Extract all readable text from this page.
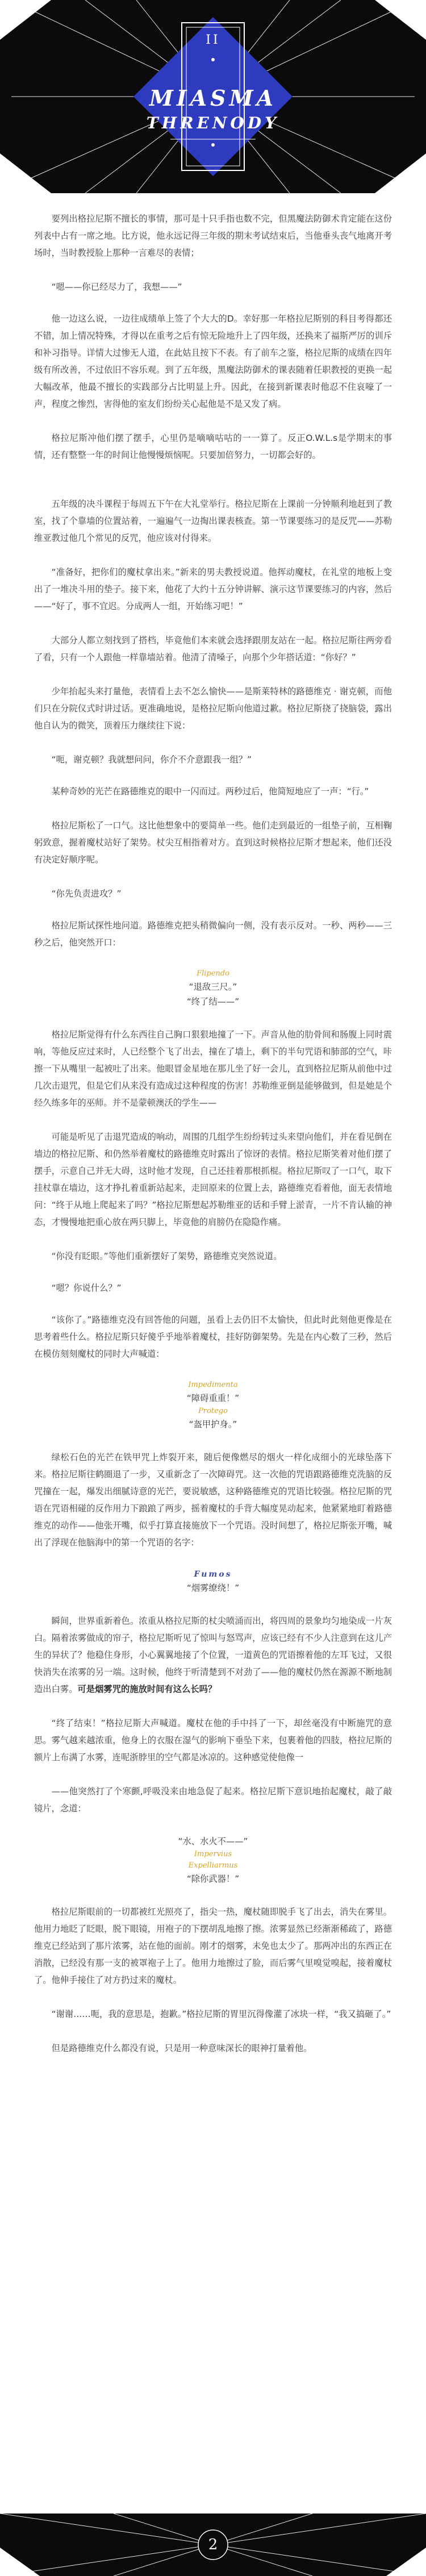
II
MIASMA
THRENODY

要列出格拉尼斯不擅长的事情，那可是十只手指也数不完，但黑魔法防御术肯定能在这份列表中占有一席之地。比方说，他永远记得三年级的期末考试结束后，当他垂头丧气地离开考场时，当时教授脸上那种一言难尽的表情；

“嗯——你已经尽力了，我想——”

他一边这么说，一边往成绩单上签了个大大的D。幸好那一年格拉尼斯别的科目考得都还不错，加上情况特殊，才得以在重考之后有惊无险地升上了四年级，还换来了福斯严厉的训斥和补习指导。详情大过惨无人道，在此姑且按下不表。有了前车之鉴，格拉尼斯的成绩在四年级有所改善，不过依旧不容乐观。到了五年级，黑魔法防御术的课表随着任职教授的更换一起大幅改革，他最不擅长的实践部分占比明显上升。因此，在接到新课表时他忍不住哀嚎了一声，程度之惨烈，害得他的室友们纷纷关心起他是不是又发了病。

格拉尼斯冲他们摆了摆手，心里仍是嘀嘀咕咕的一一算了。反正O.W.L.s是学期末的事情，还有整整一年的时间让他慢慢烦恼呢。只要加倍努力，一切都会好的。

五年级的决斗课程于每周五下午在大礼堂举行。格拉尼斯在上课前一分钟顺利地赶到了教室，找了个靠墙的位置站着，一遍遍气一边掏出课表核查。第一节课要练习的是反咒——苏勒维亚教过他几个常见的反咒，他应该对付得来。

“准备好，把你们的魔杖拿出来。”新来的男夫教授说道。他挥动魔杖，在礼堂的地板上变出了一堆决斗用的垫子。接下来，他花了大约十五分钟讲解、演示这节课要练习的内容，然后——“好了，事不宜迟。分成两人一组，开始练习吧！”

大部分人都立刻找到了搭档，毕竟他们本来就会选择跟朋友站在一起。格拉尼斯往两旁看了看，只有一个人跟他一样靠墙站着。他清了清嗓子，向那个少年搭话道：“你好？”

少年抬起头来打量他，表情看上去不怎么愉快——是斯莱特林的路德维克 · 谢克顿，而他们只在分院仪式时讲过话。更准确地说，是格拉尼斯向他道过歉。格拉尼斯挠了挠脑袋，露出他自认为的微笑，顶着压力继续往下说：

“呃，谢克顿？我就想问问，你介不介意跟我一组？”

某种奇妙的光芒在路德维克的眼中一闪而过。两秒过后，他简短地应了一声：“行。”

格拉尼斯松了一口气。这比他想象中的要简单一些。他们走到最近的一组垫子前，互相鞠躬致意，握着魔杖站好了架势。杖尖互相指着对方。直到这时候格拉尼斯才想起来，他们还没有决定好顺序呢。

“你先负责进攻？”

格拉尼斯试探性地问道。路德维克把头稍微偏向一侧，没有表示反对。一秒、两秒——三秒之后，他突然开口：

Flipendo
“退敌三尺。”
“终了结——”

格拉尼斯觉得有什么东西往自己胸口狠狠地撞了一下。声音从他的肋骨间和肠腹上同时震响，等他反应过来时，人已经整个飞了出去，撞在了墙上，剩下的半句咒语和肺部的空气，咔擦一下从嘴里一起被吐了出来。他眼冒金星地在那儿坐了好一会儿，直到格拉尼斯从前他中过几次击退咒，但是它们从来没有造成过这种程度的伤害！苏勒维亚倒是能够做到，但是她是个经久练多年的巫师。并不是蒙顿澳沃的学生——

可能是听见了击退咒造成的响动，周围的几组学生纷纷转过头来望向他们，并在看见倒在墙边的格拉尼斯、和仍然举着魔杖的路德维克时露出了惊讶的表情。格拉尼斯笑着对他们摆了摆手，示意自己并无大碍，这时他才发现，自己还挂着那根抓棍。格拉尼斯叹了一口气，取下挂杖靠在墙边，这才挣扎着重新站起来，走回原来的位置上去，路德维克看着他，面无表情地问：“终于从地上爬起来了吗？”格拉尼斯想起苏勒维亚的话和手臂上淤青，一片不肯认输的神态，才慢慢地把重心放在两只脚上，毕竟他的肩膀仍在隐隐作痛。

“你没有眨眼。”等他们重新摆好了架势，路德维克突然说道。

“嗯？你说什么？”

“该你了。”路德维克没有回答他的问题，虽看上去仍旧不太愉快，但此时此刻他更像是在思考着些什么。格拉尼斯只好傻乎乎地举着魔杖，挂好防御架势。先是在内心数了三秒，然后在模仿刻刻魔杖的同时大声喊道：

Impedimenta
“障碍重重！”
Protego
“盔甲护身。”

绿松石色的光芒在铁甲咒上炸裂开来，随后便像燃尽的烟火一样化成细小的光球坠落下来。格拉尼斯往鹤圈退了一步，又重新念了一次障碍咒。这一次他的咒语跟路德维克洗脑的反咒撞在一起，爆发出细腻诗意的光芒，要说敏感，这种路德维克的咒语比较强。格拉尼斯的咒语在咒语相碰的反作用力下踉踉了两步，摇着魔杖的手背大幅度晃动起来，他紧紧地盯着路德维克的动作——他张开嘴，似乎打算直接施放下一个咒语。没时间想了，格拉尼斯张开嘴，喊出了浮现在他脑海中的第一个咒语的名字：

Fumos
“烟雾缭绕！”

瞬间，世界重新着色。浓重从格拉尼斯的杖尖喷涌而出，将四周的景象均匀地染成一片灰白。隔着浓雾做成的帘子，格拉尼斯听见了惊叫与怒骂声，应该已经有不少人注意到在这儿产生的异状了？他稳住身形，小心翼翼地接了个位置，一道黄色的咒语擦着他的左耳飞过，又很快消失在浓雾的另一端。这时候，他终于听清楚到不对劲了——他的魔杖仍然在源源不断地制造出白雾。可是烟雾咒的施放时间有这么长吗？

“终了结束！”格拉尼斯大声喊道。魔杖在他的手中抖了一下，却丝毫没有中断施咒的意思。雾气越来越浓重，他身上的衣服在湿气的影响下垂坠下来，包裹着他的四肢，格拉尼斯的额片上布满了水雾，连呢浙脖里的空气都是冰凉的。这种感觉使他像一

——他突然打了个寒颤,呼吸没来由地急促了起来。格拉尼斯下意识地抬起魔杖，敲了敲镜片，念道：

“水、水火不——”
Impervius
Expelliarmus
“除你武器！”

格拉尼斯眼前的一切都被红光照亮了，指尖一热，魔杖随即脱手飞了出去，消失在雾里。他用力地眨了眨眼，脱下眼镜，用袍子的下摆胡乱地擦了擦。浓雾显然已经渐渐稀疏了，路德维克已经站到了那片浓雾，站在他的面前。刚才的烟雾，未免也太少了。那两冲出的东西正在消散，已经没有那一支的被罩袍子上了。他用力地擦过了脸，而后雾气里嗅觉嗅起，接着魔杖了。他伸手接住了对方扔过来的魔杖。

“谢谢……呃，我的意思是，抱歉。”格拉尼斯的胃里沉得像灌了冰块一样，“我又搞砸了。”

但是路德维克什么都没有说，只是用一种意味深长的眼神打量着他。

2
